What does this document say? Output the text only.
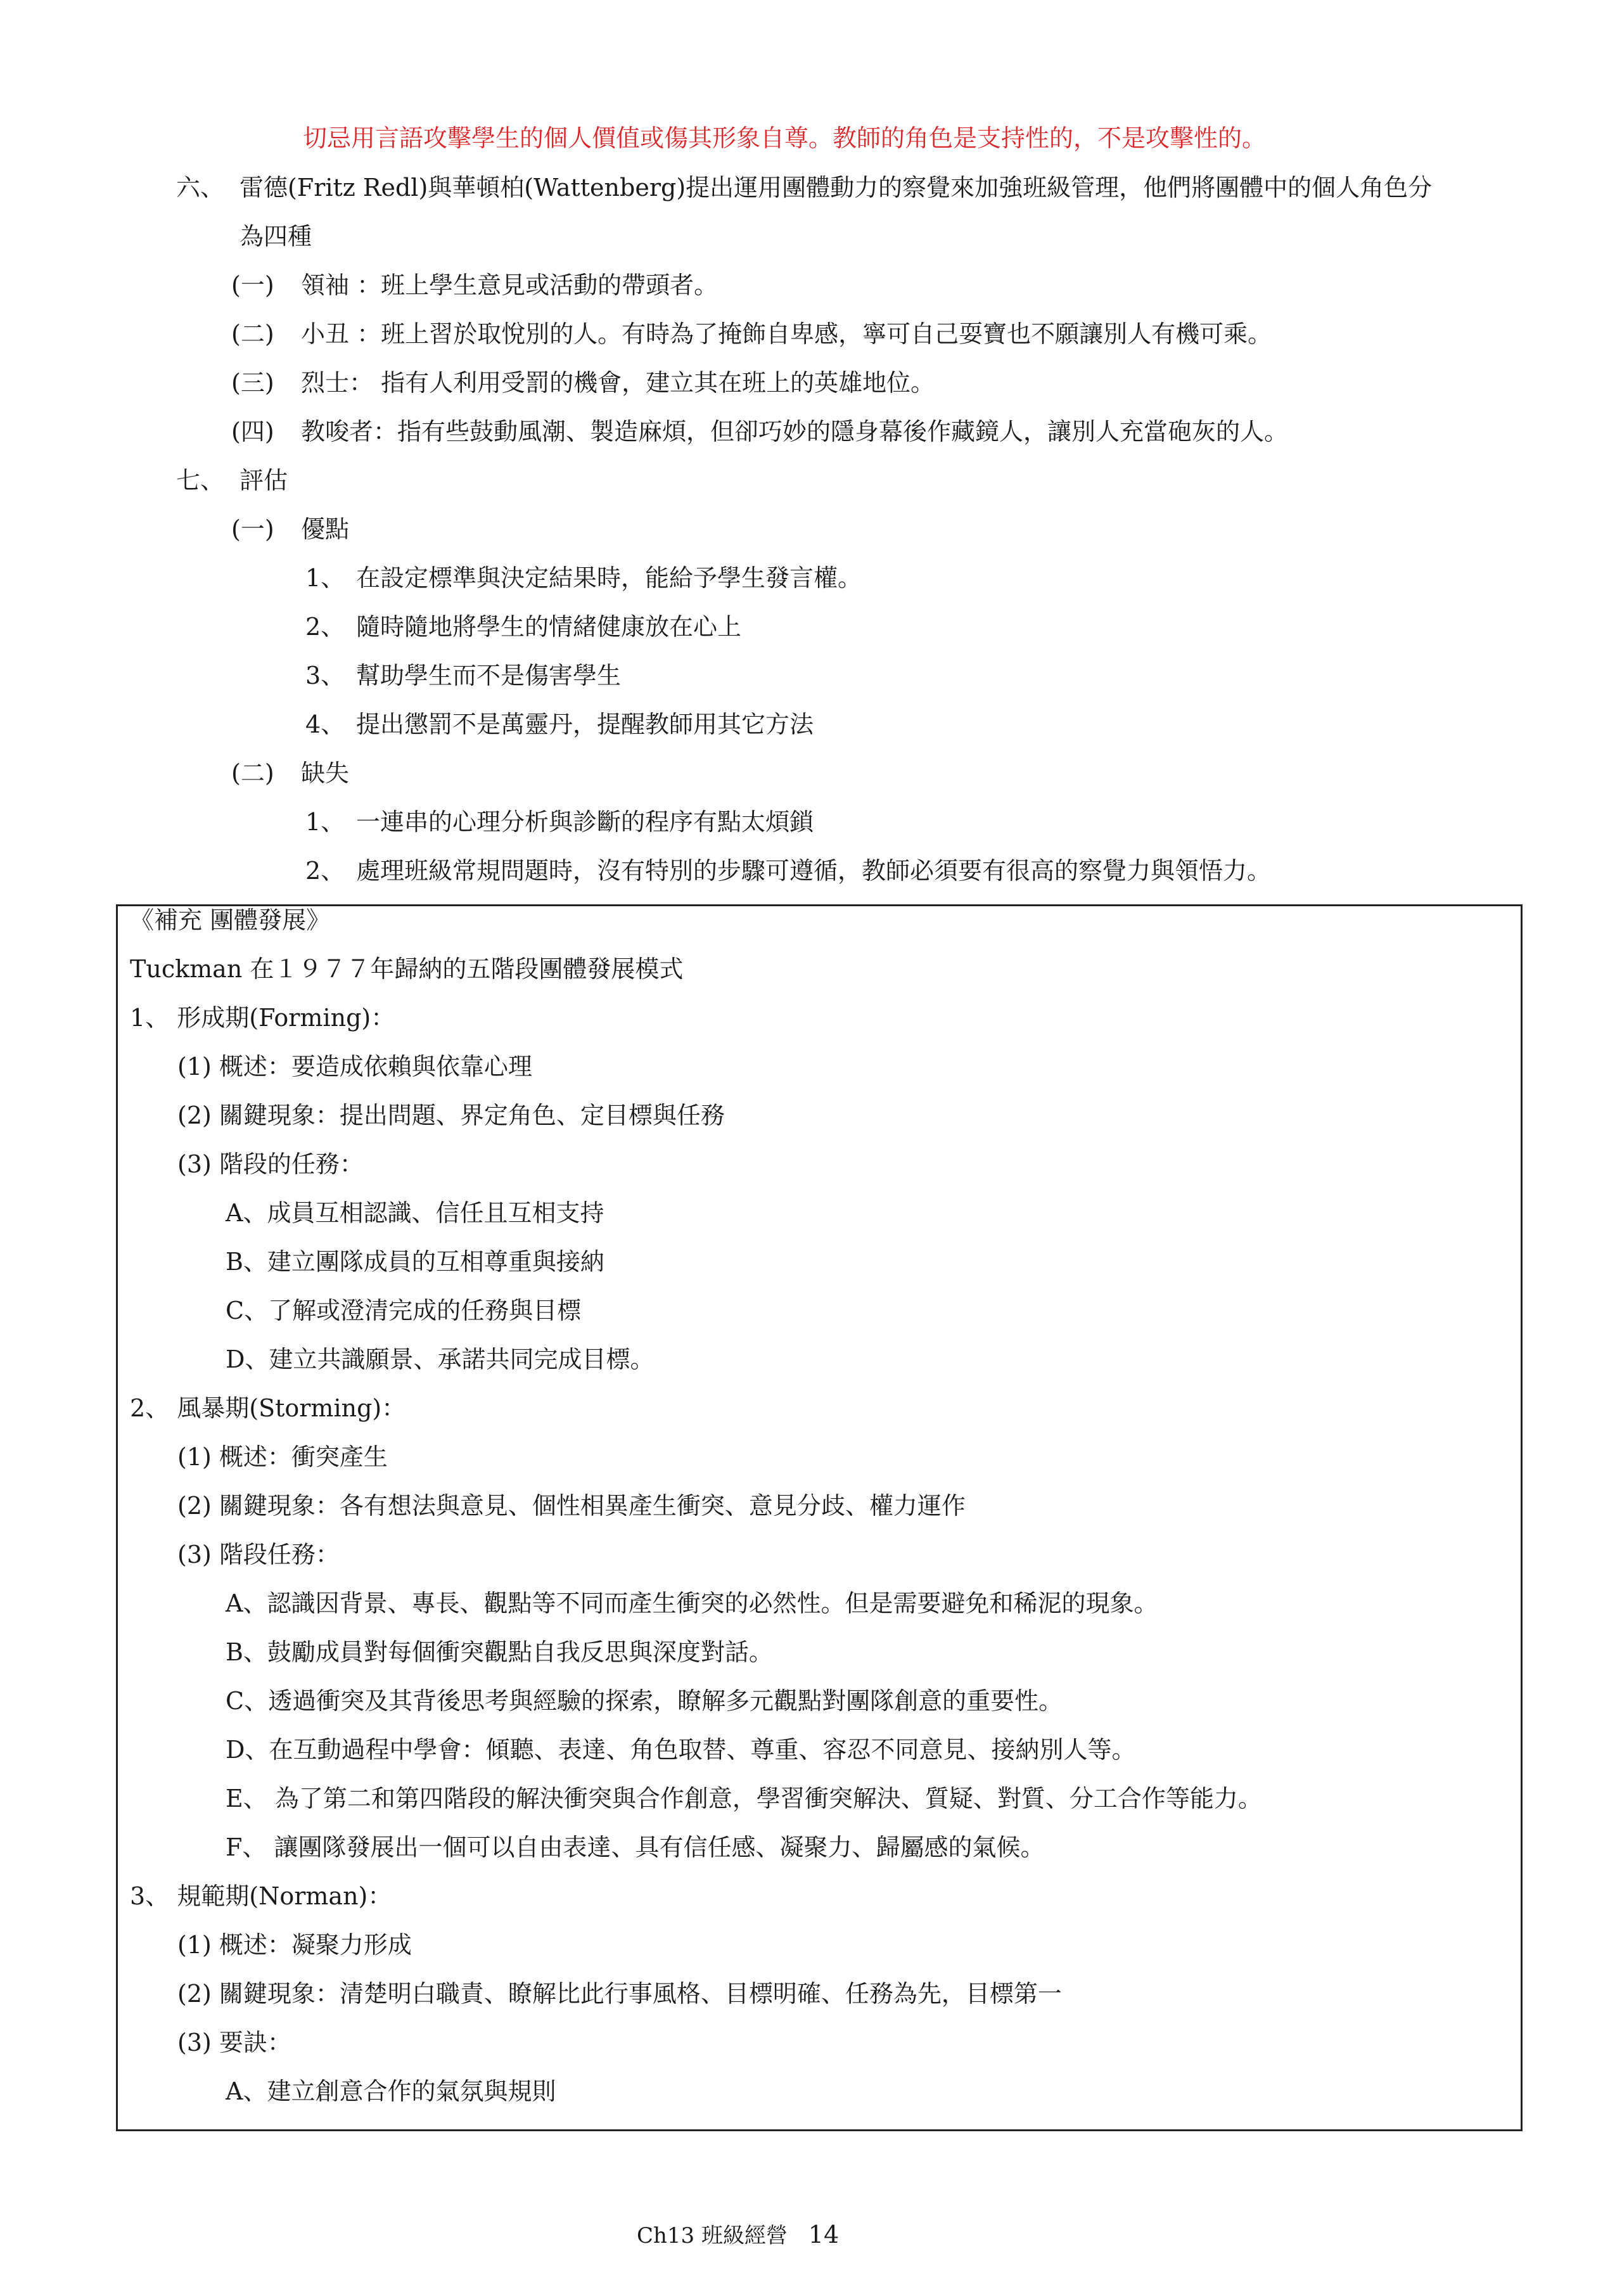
切忌用言語攻擊學生的個人價值或傷其形象自尊。教師的角色是支持性的，不是攻擊性的。
六、 雷德(Fritz Redl)與華頓柏(Wattenberg)提出運用團體動力的察覺來加強班級管理，他們將團體中的個人角色分
為四種
(一) 領袖 ：班上學生意見或活動的帶頭者。
(二) 小丑 ：班上習於取悅別的人。有時為了掩飾自卑感，寧可自己耍寶也不願讓別人有機可乘。
(三) 烈士： 指有人利用受罰的機會，建立其在班上的英雄地位。
(四) 教唆者：指有些鼓動風潮、製造麻煩，但卻巧妙的隱身幕後作藏鏡人，讓別人充當砲灰的人。
七、 評估
(一) 優點
1、 在設定標準與決定結果時，能給予學生發言權。
2、 隨時隨地將學生的情緒健康放在心上
3、 幫助學生而不是傷害學生
4、 提出懲罰不是萬靈丹，提醒教師用其它方法
(二) 缺失
1、 一連串的心理分析與診斷的程序有點太煩鎖
2、 處理班級常規問題時，沒有特別的步驟可遵循，教師必須要有很高的察覺力與領悟力。
《補充 團體發展》
Tuckman 在１９７７年歸納的五階段團體發展模式
1、 形成期(Forming)：
(1) 概述：要造成依賴與依靠心理
(2) 關鍵現象：提出問題、界定角色、定目標與任務
(3) 階段的任務：
A、成員互相認識、信任且互相支持
B、建立團隊成員的互相尊重與接納
C、了解或澄清完成的任務與目標
D、建立共識願景、承諾共同完成目標。
2、 風暴期(Storming)：
(1) 概述：衝突產生
(2) 關鍵現象：各有想法與意見、個性相異產生衝突、意見分歧、權力運作
(3) 階段任務：
A、認識因背景、專長、觀點等不同而產生衝突的必然性。但是需要避免和稀泥的現象。
B、鼓勵成員對每個衝突觀點自我反思與深度對話。
C、透過衝突及其背後思考與經驗的探索，瞭解多元觀點對團隊創意的重要性。
D、在互動過程中學會：傾聽、表達、角色取替、尊重、容忍不同意見、接納別人等。
E、 為了第二和第四階段的解決衝突與合作創意，學習衝突解決、質疑、對質、分工合作等能力。
F、 讓團隊發展出一個可以自由表達、具有信任感、凝聚力、歸屬感的氣候。
3、 規範期(Norman)：
(1) 概述：凝聚力形成
(2) 關鍵現象：清楚明白職責、瞭解比此行事風格、目標明確、任務為先，目標第一
(3) 要訣：
A、建立創意合作的氣氛與規則
Ch13 班級經營 14
